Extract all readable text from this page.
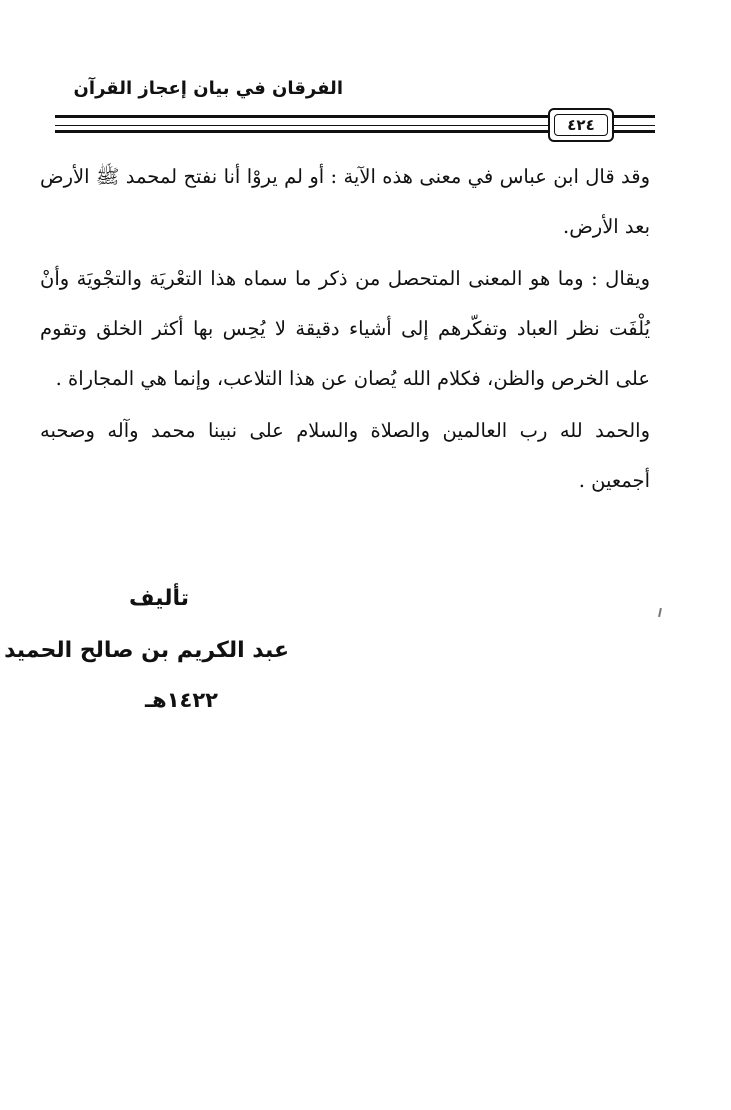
الفرقان في بيان إعجاز القرآن
٤٢٤

وقد قال ابن عباس في معنى هذه الآية : أو لم يروْا أنا نفتح لمحمد ﷺ الأرض بعد الأرض.

ويقال : وما هو المعنى المتحصل من ذكر ما سماه هذا التعْريَة والتجْويَة وأنْ يُلْفَت نظر العباد وتفكّرهم إلى أشياء دقيقة لا يُحِس بها أكثر الخلق وتقوم على الخرص والظن، فكلام الله يُصان عن هذا التلاعب، وإنما هي المجاراة .

والحمد لله رب العالمين والصلاة والسلام على نبينا محمد وآله وصحبه أجمعين .

تأليف
عبد الكريم بن صالح الحميد
١٤٢٢هـ
